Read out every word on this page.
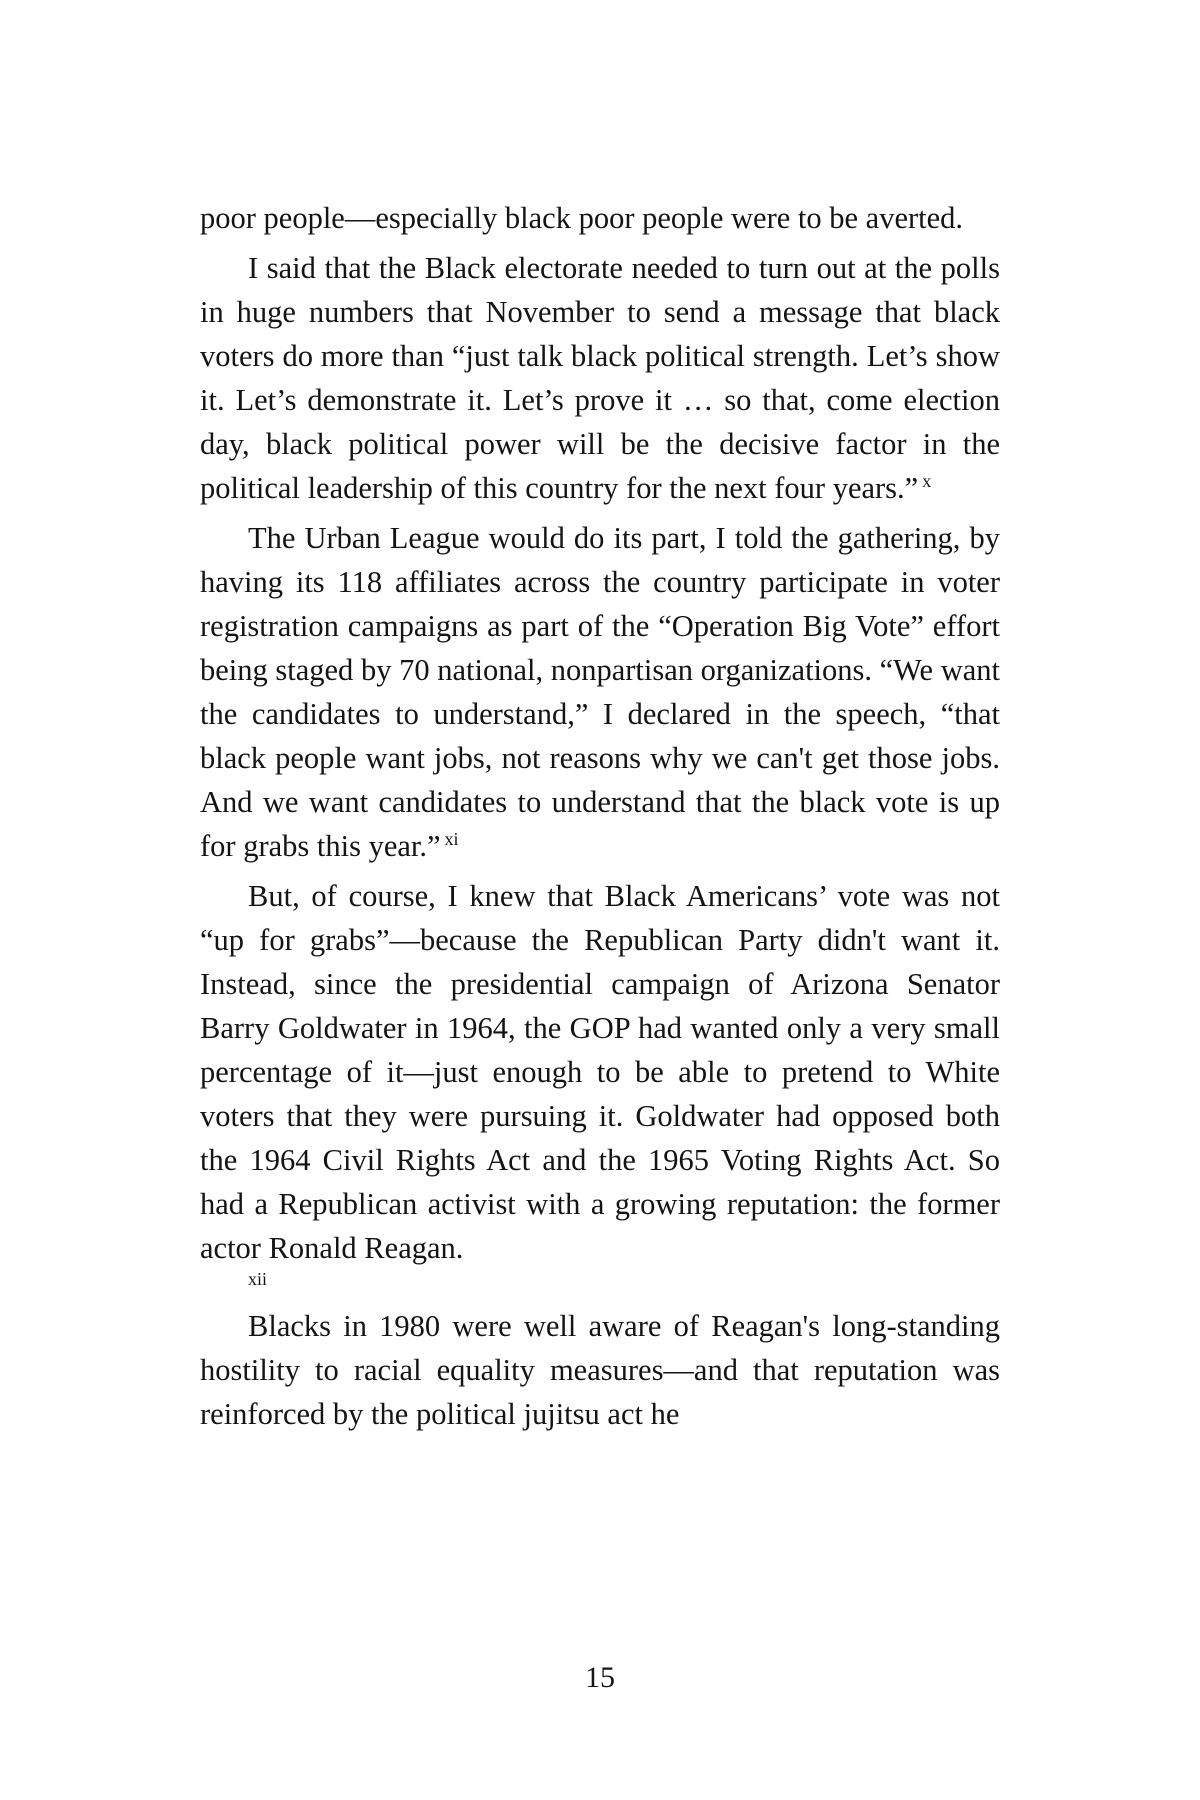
poor people—especially black poor people were to be averted.

I said that the Black electorate needed to turn out at the polls in huge numbers that November to send a message that black voters do more than “just talk black political strength. Let’s show it. Let’s demonstrate it. Let’s prove it … so that, come election day, black political power will be the decisive factor in the political leadership of this country for the next four years.” $^x$

The Urban League would do its part, I told the gathering, by having its 118 affiliates across the country participate in voter registration campaigns as part of the “Operation Big Vote” effort being staged by 70 national, nonpartisan organizations. “We want the candidates to understand,” I declared in the speech, “that black people want jobs, not reasons why we can't get those jobs. And we want candidates to understand that the black vote is up for grabs this year.” $^{xi}$

But, of course, I knew that Black Americans’ vote was not “up for grabs”—because the Republican Party didn't want it. Instead, since the presidential campaign of Arizona Senator Barry Goldwater in 1964, the GOP had wanted only a very small percentage of it—just enough to be able to pretend to White voters that they were pursuing it. Goldwater had opposed both the 1964 Civil Rights Act and the 1965 Voting Rights Act. So had a Republican activist with a growing reputation: the former actor Ronald Reagan.
xii

Blacks in 1980 were well aware of Reagan's long-standing hostility to racial equality measures—and that reputation was reinforced by the political jujitsu act he

15
